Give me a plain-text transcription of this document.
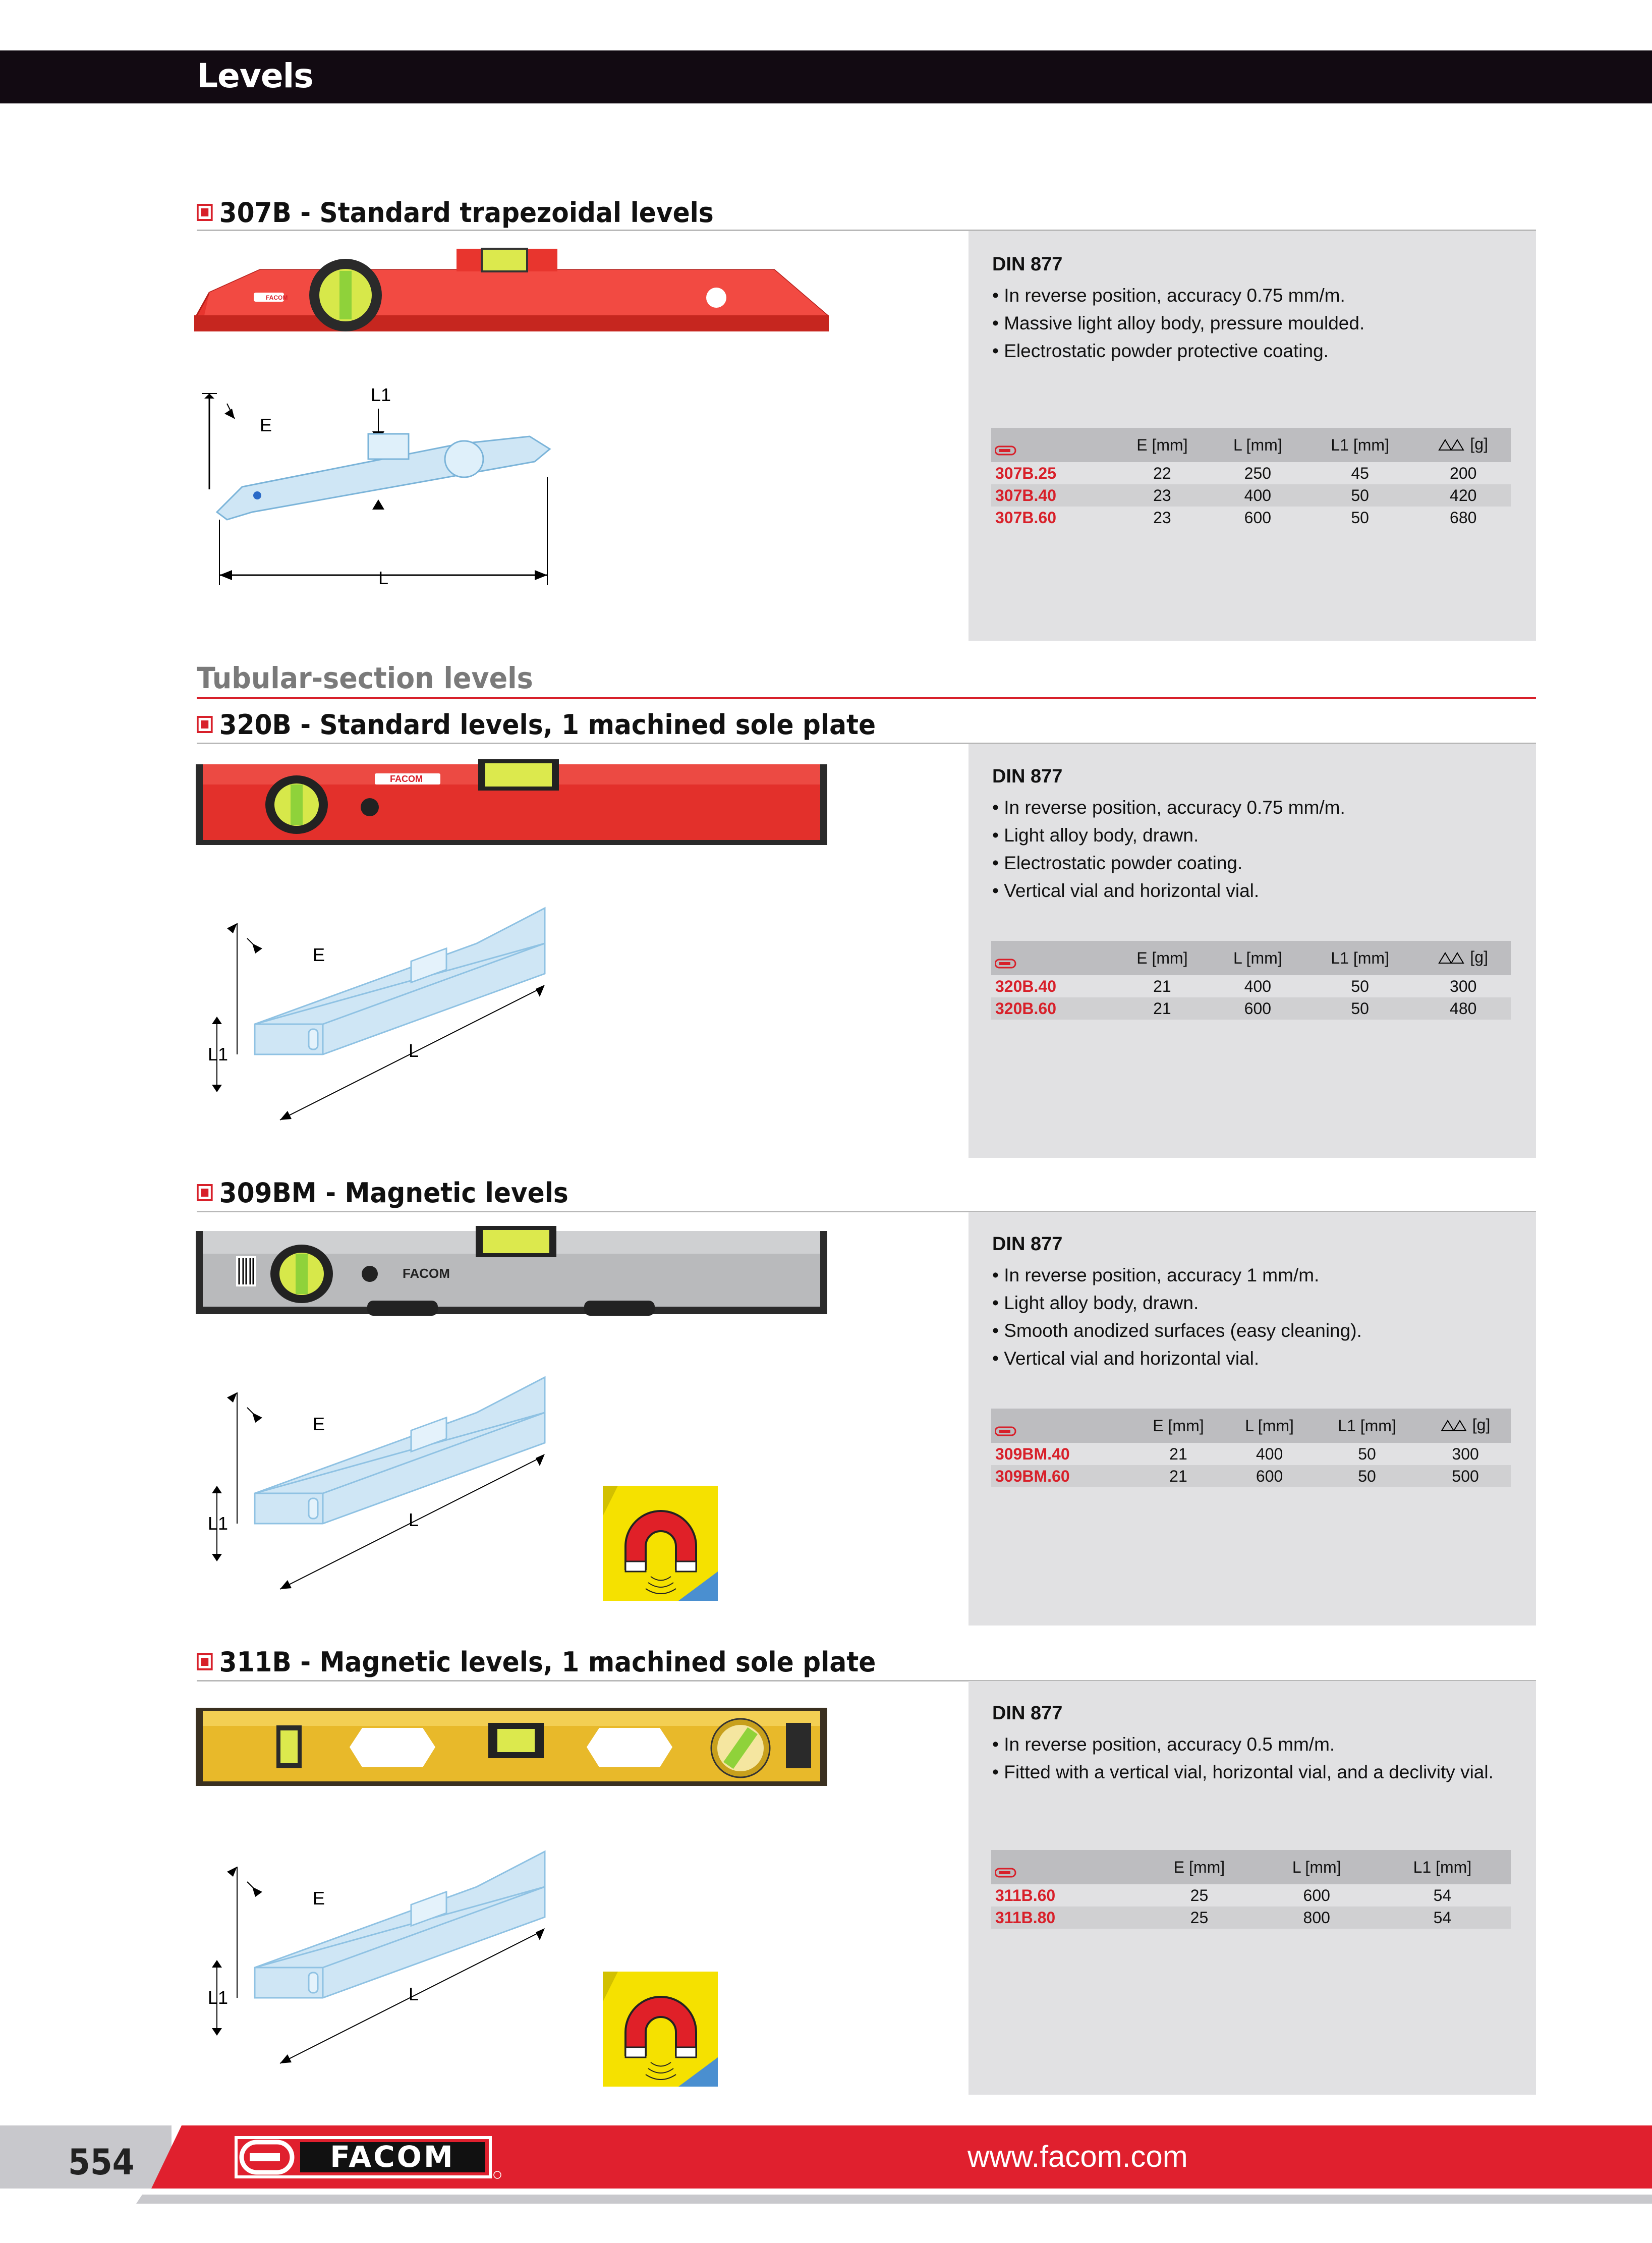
Levels
307B - Standard trapezoidal levels
FACOM
E
L1
L
DIN 877
• In reverse position, accuracy 0.75 mm/m.
• Massive light alloy body, pressure moulded.
• Electrostatic powder protective coating.
	E [mm]	L [mm]	L1 [mm]	[g]
307B.25	22	250	45	200
307B.40	23	400	50	420
307B.60	23	600	50	680
Tubular-section levels
320B - Standard levels, 1 machined sole plate
FACOM
E
L1	L
DIN 877
• In reverse position, accuracy 0.75 mm/m.
• Light alloy body, drawn.
• Electrostatic powder coating.
• Vertical vial and horizontal vial.
	E [mm]	L [mm]	L1 [mm]	[g]
320B.40	21	400	50	300
320B.60	21	600	50	480
309BM - Magnetic levels
FACOM
E
L1	L
DIN 877
• In reverse position, accuracy 1 mm/m.
• Light alloy body, drawn.
• Smooth anodized surfaces (easy cleaning).
• Vertical vial and horizontal vial.
	E [mm]	L [mm]	L1 [mm]	[g]
309BM.40	21	400	50	300
309BM.60	21	600	50	500
311B - Magnetic levels, 1 machined sole plate
E
L1	L
DIN 877
• In reverse position, accuracy 0.5 mm/m.
• Fitted with a vertical vial, horizontal vial, and a declivity vial.
	E [mm]	L [mm]	L1 [mm]
311B.60	25	600	54
311B.80	25	800	54
554	FACOM	www.facom.com
